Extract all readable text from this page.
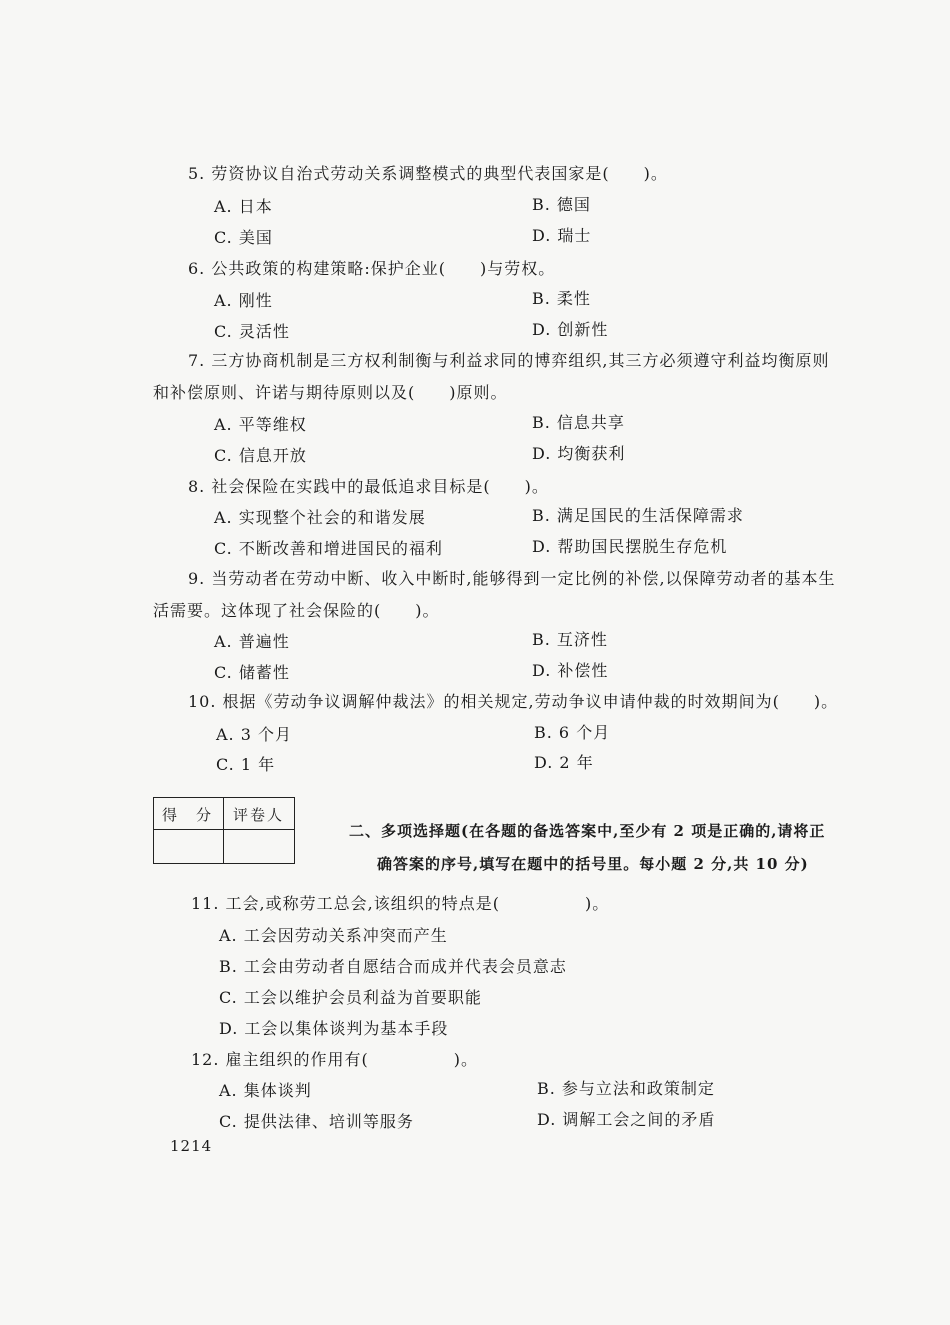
5. 劳资协议自治式劳动关系调整模式的典型代表国家是(　　)。
A. 日本	B. 德国
C. 美国	D. 瑞士
6. 公共政策的构建策略:保护企业(　　)与劳权。
A. 刚性	B. 柔性
C. 灵活性	D. 创新性
7. 三方协商机制是三方权利制衡与利益求同的博弈组织,其三方必须遵守利益均衡原则
和补偿原则、许诺与期待原则以及(　　)原则。
A. 平等维权	B. 信息共享
C. 信息开放	D. 均衡获利
8. 社会保险在实践中的最低追求目标是(　　)。
A. 实现整个社会的和谐发展	B. 满足国民的生活保障需求
C. 不断改善和增进国民的福利	D. 帮助国民摆脱生存危机
9. 当劳动者在劳动中断、收入中断时,能够得到一定比例的补偿,以保障劳动者的基本生
活需要。这体现了社会保险的(　　)。
A. 普遍性	B. 互济性
C. 储蓄性	D. 补偿性
10. 根据《劳动争议调解仲裁法》的相关规定,劳动争议申请仲裁的时效期间为(　　)。
A. 3 个月	B. 6 个月
C. 1 年	D. 2 年
得　分 评卷人
二、多项选择题(在各题的备选答案中,至少有 2 项是正确的,请将正
确答案的序号,填写在题中的括号里。每小题 2 分,共 10 分)
11. 工会,或称劳工总会,该组织的特点是(　　　　　)。
A. 工会因劳动关系冲突而产生
B. 工会由劳动者自愿结合而成并代表会员意志
C. 工会以维护会员利益为首要职能
D. 工会以集体谈判为基本手段
12. 雇主组织的作用有(　　　　　)。
A. 集体谈判	B. 参与立法和政策制定
C. 提供法律、培训等服务	D. 调解工会之间的矛盾
1214
